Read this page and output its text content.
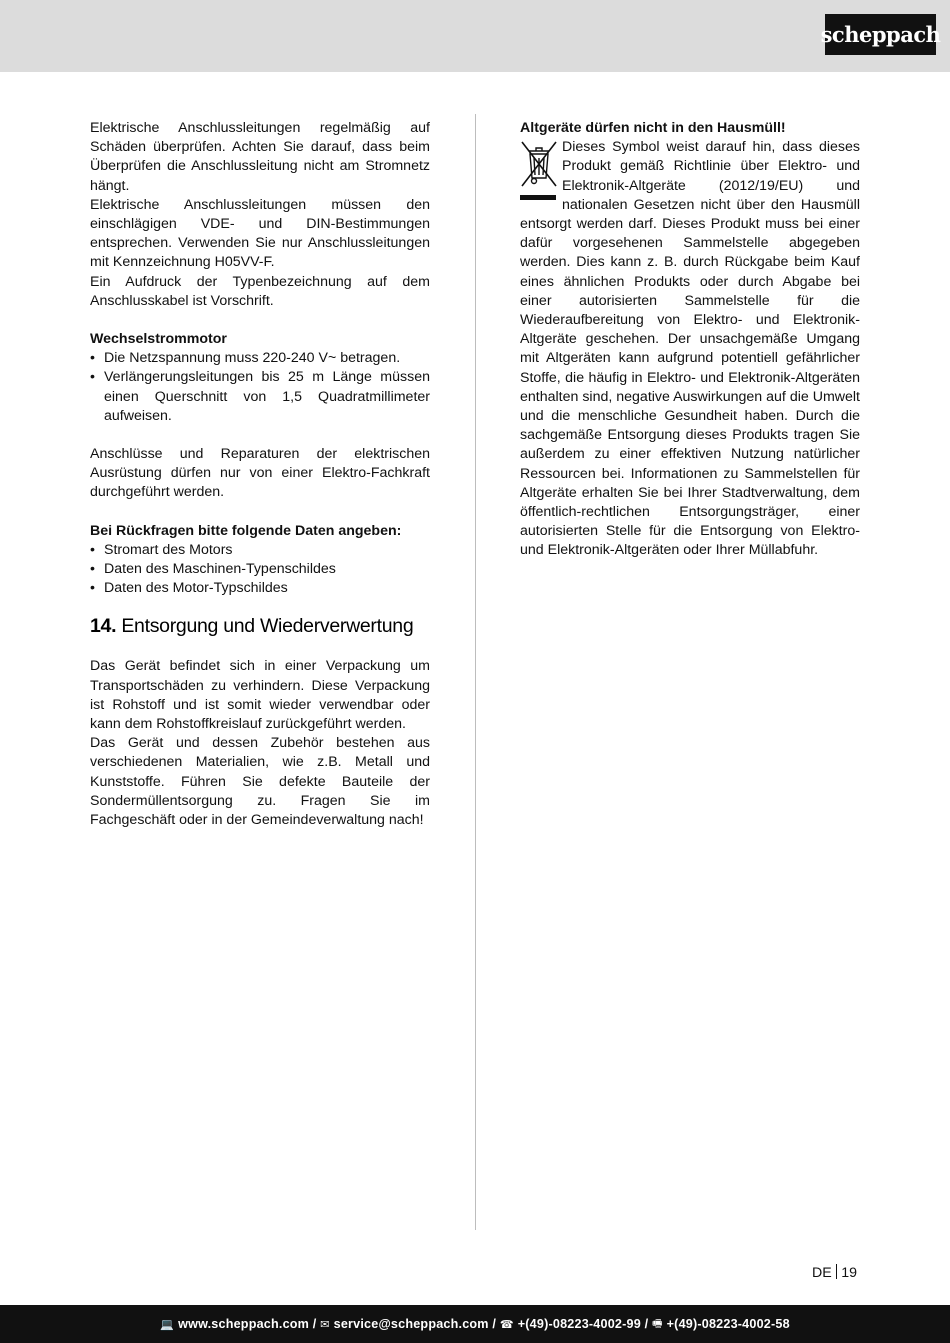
scheppach

Elektrische Anschlussleitungen regelmäßig auf Schäden überprüfen. Achten Sie darauf, dass beim Überprüfen die Anschlussleitung nicht am Stromnetz hängt.

Elektrische Anschlussleitungen müssen den einschlägigen VDE- und DIN-Bestimmungen entsprechen. Verwenden Sie nur Anschlussleitungen mit Kennzeichnung H05VV-F.

Ein Aufdruck der Typenbezeichnung auf dem Anschlusskabel ist Vorschrift.

Wechselstrommotor

• Die Netzspannung muss 220-240 V~ betragen.
• Verlängerungsleitungen bis 25 m Länge müssen einen Querschnitt von 1,5 Quadratmillimeter aufweisen.

Anschlüsse und Reparaturen der elektrischen Ausrüstung dürfen nur von einer Elektro-Fachkraft durchgeführt werden.

Bei Rückfragen bitte folgende Daten angeben:

• Stromart des Motors
• Daten des Maschinen-Typenschildes
• Daten des Motor-Typschildes
14. Entsorgung und Wiederverwertung

Das Gerät befindet sich in einer Verpackung um Transportschäden zu verhindern. Diese Verpackung ist Rohstoff und ist somit wieder verwendbar oder kann dem Rohstoffkreislauf zurückgeführt werden.

Das Gerät und dessen Zubehör bestehen aus verschiedenen Materialien, wie z.B. Metall und Kunststoffe. Führen Sie defekte Bauteile der Sondermüllentsorgung zu. Fragen Sie im Fachgeschäft oder in der Gemeindeverwaltung nach!

Altgeräte dürfen nicht in den Hausmüll!

Dieses Symbol weist darauf hin, dass dieses Produkt gemäß Richtlinie über Elektro- und Elektronik-Altgeräte (2012/19/EU) und nationalen Gesetzen nicht über den Hausmüll entsorgt werden darf. Dieses Produkt muss bei einer dafür vorgesehenen Sammelstelle abgegeben werden. Dies kann z. B. durch Rückgabe beim Kauf eines ähnlichen Produkts oder durch Abgabe bei einer autorisierten Sammelstelle für die Wiederaufbereitung von Elektro- und Elektronik- Altgeräte geschehen. Der unsachgemäße Umgang mit Altgeräten kann aufgrund potentiell gefährlicher Stoffe, die häufig in Elektro- und Elektronik-Altgeräten enthalten sind, negative Auswirkungen auf die Umwelt und die menschliche Gesundheit haben. Durch die sachgemäße Entsorgung dieses Produkts tragen Sie außerdem zu einer effektiven Nutzung natürlicher Ressourcen bei. Informationen zu Sammelstellen für Altgeräte erhalten Sie bei Ihrer Stadtverwaltung, dem öffentlich-rechtlichen Entsorgungsträger, einer autorisierten Stelle für die Entsorgung von Elektro- und Elektronik-Altgeräten oder Ihrer Müllabfuhr.

DE 19
💻 www.scheppach.com
/
✉ service@scheppach.com
/
☎ +(49)-08223-4002-99
/
🖷 +(49)-08223-4002-58
